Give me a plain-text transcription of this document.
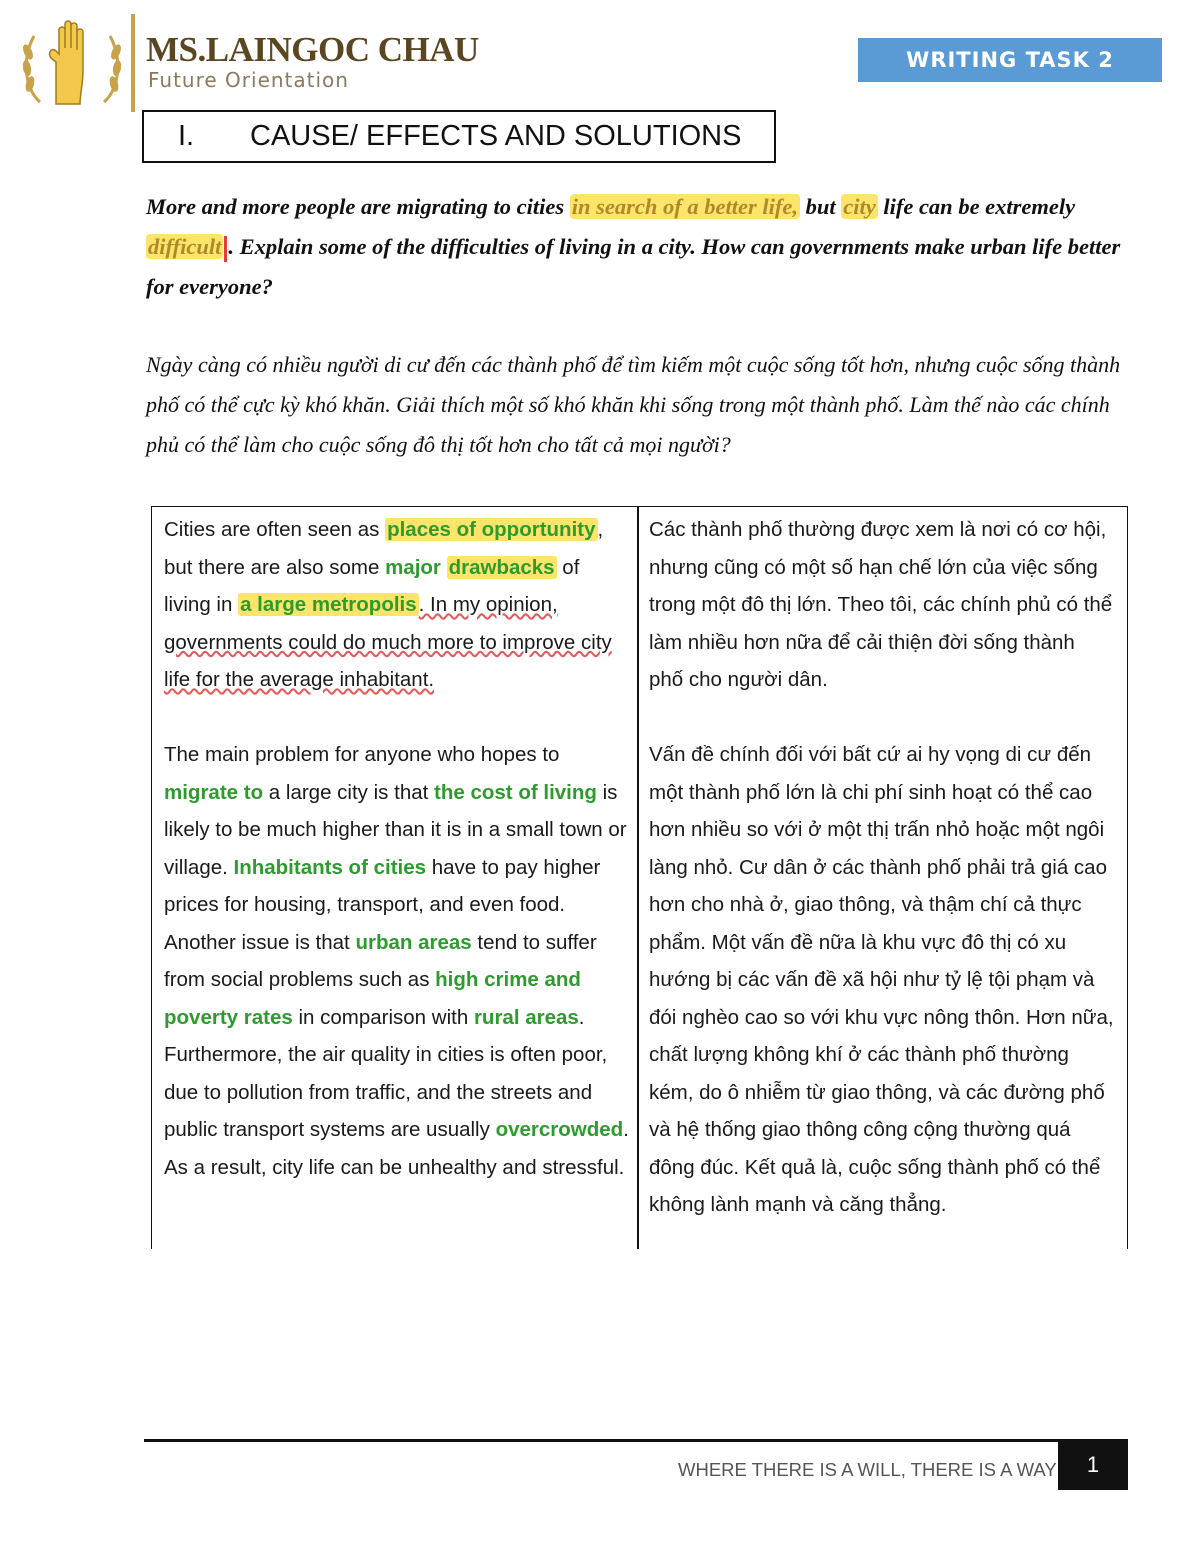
MS.LAINGOC CHAU
Future Orientation
WRITING TASK 2
I.	CAUSE/ EFFECTS AND SOLUTIONS
More and more people are migrating to cities in search of a better life, but city life can be extremely difficult . Explain some of the difficulties of living in a city. How can governments make urban life better for everyone?
Ngày càng có nhiều người di cư đến các thành phố để tìm kiếm một cuộc sống tốt hơn, nhưng cuộc sống thành phố có thể cực kỳ khó khăn. Giải thích một số khó khăn khi sống trong một thành phố. Làm thế nào các chính phủ có thể làm cho cuộc sống đô thị tốt hơn cho tất cả mọi người?

Cities are often seen as places of opportunity, but there are also some major drawbacks of living in a large metropolis. In my opinion, governments could do much more to improve city life for the average inhabitant.

The main problem for anyone who hopes to migrate to a large city is that the cost of living is likely to be much higher than it is in a small town or village. Inhabitants of cities have to pay higher prices for housing, transport, and even food. Another issue is that urban areas tend to suffer from social problems such as high crime and poverty rates in comparison with rural areas. Furthermore, the air quality in cities is often poor, due to pollution from traffic, and the streets and public transport systems are usually overcrowded. As a result, city life can be unhealthy and stressful.

Các thành phố thường được xem là nơi có cơ hội, nhưng cũng có một số hạn chế lớn của việc sống trong một đô thị lớn. Theo tôi, các chính phủ có thể làm nhiều hơn nữa để cải thiện đời sống thành phố cho người dân.

Vấn đề chính đối với bất cứ ai hy vọng di cư đến một thành phố lớn là chi phí sinh hoạt có thể cao hơn nhiều so với ở một thị trấn nhỏ hoặc một ngôi làng nhỏ. Cư dân ở các thành phố phải trả giá cao hơn cho nhà ở, giao thông, và thậm chí cả thực phẩm. Một vấn đề nữa là khu vực đô thị có xu hướng bị các vấn đề xã hội như tỷ lệ tội phạm và đói nghèo cao so với khu vực nông thôn. Hơn nữa, chất lượng không khí ở các thành phố thường kém, do ô nhiễm từ giao thông, và các đường phố và hệ thống giao thông công cộng thường quá đông đúc. Kết quả là, cuộc sống thành phố có thể không lành mạnh và căng thẳng.

WHERE THERE IS A WILL, THERE IS A WAY	1
